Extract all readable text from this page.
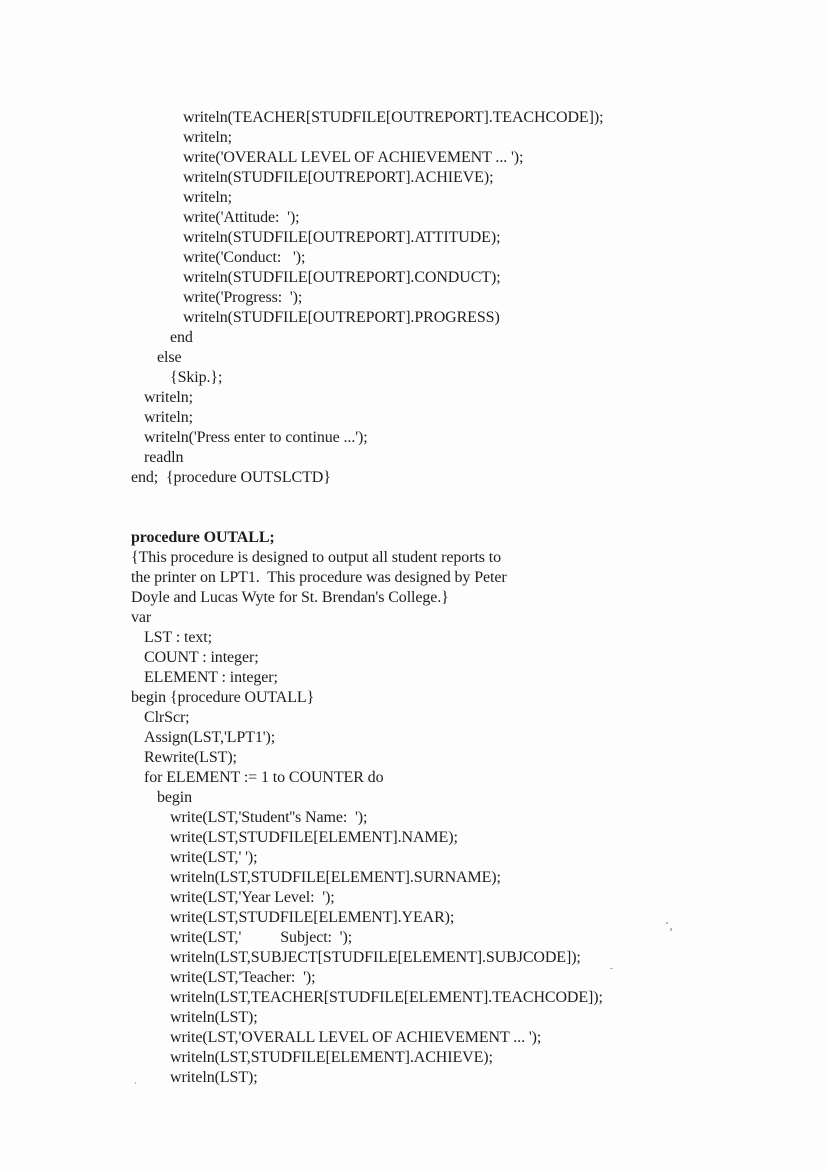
writeln(TEACHER[STUDFILE[OUTREPORT].TEACHCODE]);
writeln;
write('OVERALL LEVEL OF ACHIEVEMENT ... ');
writeln(STUDFILE[OUTREPORT].ACHIEVE);
writeln;
write('Attitude:  ');
writeln(STUDFILE[OUTREPORT].ATTITUDE);
write('Conduct:   ');
writeln(STUDFILE[OUTREPORT].CONDUCT);
write('Progress:  ');
writeln(STUDFILE[OUTREPORT].PROGRESS)
end
else
{Skip.};
writeln;
writeln;
writeln('Press enter to continue ...');
readln
end;  {procedure OUTSLCTD}
procedure OUTALL;
{This procedure is designed to output all student reports to
the printer on LPT1.  This procedure was designed by Peter
Doyle and Lucas Wyte for St. Brendan's College.}
var
LST : text;
COUNT : integer;
ELEMENT : integer;
begin {procedure OUTALL}
ClrScr;
Assign(LST,'LPT1');
Rewrite(LST);
for ELEMENT := 1 to COUNTER do
begin
write(LST,'Student''s Name:  ');
write(LST,STUDFILE[ELEMENT].NAME);
write(LST,' ');
writeln(LST,STUDFILE[ELEMENT].SURNAME);
write(LST,'Year Level:  ');
write(LST,STUDFILE[ELEMENT].YEAR);
write(LST,'          Subject:  ');
writeln(LST,SUBJECT[STUDFILE[ELEMENT].SUBJCODE]);
write(LST,'Teacher:  ');
writeln(LST,TEACHER[STUDFILE[ELEMENT].TEACHCODE]);
writeln(LST);
write(LST,'OVERALL LEVEL OF ACHIEVEMENT ... ');
writeln(LST,STUDFILE[ELEMENT].ACHIEVE);
writeln(LST);
